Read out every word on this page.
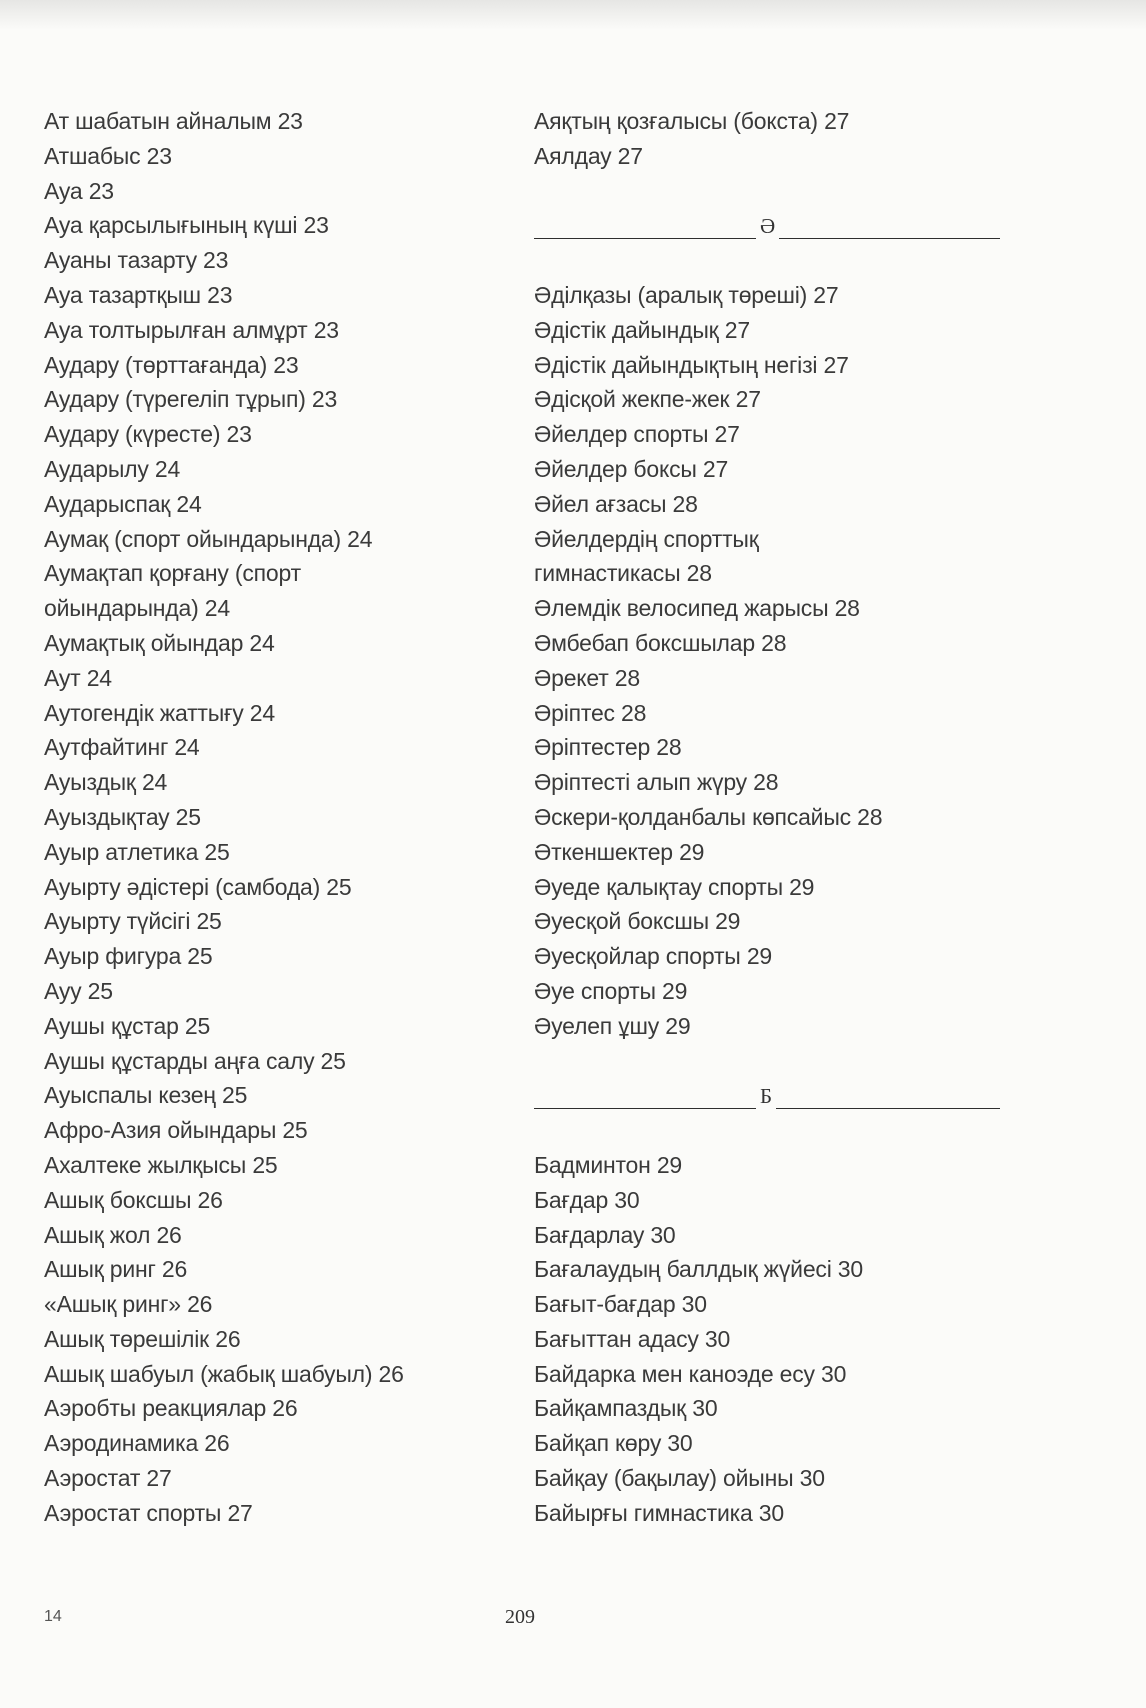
Ат шабатын айналым 23
Атшабыс 23
Ауа 23
Ауа қарсылығының күші 23
Ауаны тазарту 23
Ауа тазартқыш 23
Ауа толтырылған алмұрт 23
Аудару (төрттағанда) 23
Аудару (түрегеліп тұрып) 23
Аудару (күресте) 23
Аударылу 24
Аударыспақ 24
Аумақ (спорт ойындарында) 24
Аумақтап қорғану (спорт
ойындарында) 24
Аумақтық ойындар 24
Аут 24
Аутогендік жаттығу 24
Аутфайтинг 24
Ауыздық 24
Ауыздықтау 25
Ауыр атлетика 25
Ауырту әдістері (самбода) 25
Ауырту түйсігі 25
Ауыр фигура 25
Ауу 25
Аушы құстар 25
Аушы құстарды аңға салу 25
Ауыспалы кезең 25
Афро-Азия ойындары 25
Ахалтеке жылқысы 25
Ашық боксшы 26
Ашық жол 26
Ашық ринг 26
«Ашық ринг» 26
Ашық төрешілік 26
Ашық шабуыл (жабық шабуыл) 26
Аэробты реакциялар 26
Аэродинамика 26
Аэростат 27
Аэростат спорты 27
Аяқтың қозғалысы (бокста) 27
Аялдау 27
Ә
Әділқазы (аралық төреші) 27
Әдістік дайындық 27
Әдістік дайындықтың негізі 27
Әдісқой жекпе-жек 27
Әйелдер спорты 27
Әйелдер боксы 27
Әйел ағзасы 28
Әйелдердің спорттық
гимнастикасы 28
Әлемдік велосипед жарысы 28
Әмбебап боксшылар 28
Әрекет 28
Әріптес 28
Әріптестер 28
Әріптесті алып жүру 28
Әскери-қолданбалы көпсайыс 28
Әткеншектер 29
Әуеде қалықтау спорты 29
Әуесқой боксшы 29
Әуесқойлар спорты 29
Әуе спорты 29
Әуелеп ұшу 29
Б
Бадминтон 29
Бағдар 30
Бағдарлау 30
Бағалаудың баллдық жүйесі 30
Бағыт-бағдар 30
Бағыттан адасу 30
Байдарка мен каноэде есу 30
Байқампаздық 30
Байқап көру 30
Байқау (бақылау) ойыны 30
Байырғы гимнастика 30
14	209
